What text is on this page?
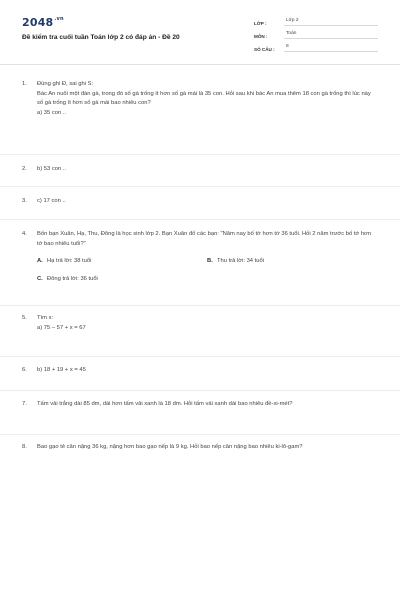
$2048^{.vn}$
Đề kiểm tra cuối tuần Toán lớp 2 có đáp án - Đề 20
LỚP :
Lớp 2
MÔN :
Toán
SỐ CÂU :
8
1. Đúng ghi Đ, sai ghi S:

Bác An nuôi một đàn gà, trong đó số gà trống ít hơn số gà mái là 35 con. Hỏi sau khi bác An mua thêm 18 con gà trống thì lúc này số gà trống ít hơn số gà mái bao nhiêu con?

a) 35 con ..

2. b) 53 con ..

3. c) 17 con ..

4. Bốn bạn Xuân, Hạ, Thu, Đông là học sinh lớp 2. Bạn Xuân đố các bạn: "Năm nay bố tớ hơn tớ 36 tuổi. Hỏi 2 năm trước bố tớ hơn tớ bao nhiêu tuổi?"

A. Hạ trả lời: 38 tuổi	B. Thu trả lời: 34 tuổi
C. Đông trả lời: 36 tuổi
5. Tìm x:

a) 75 – 57 + x = 67

6. b) 18 + 19 + x = 45

7. Tấm vải trắng dài 85 dm, dài hơn tấm vải xanh là 18 dm. Hỏi tấm vải xanh dài bao nhiêu đề-xi-mét?

8. Bao gạo tẻ cân nặng 36 kg, nặng hơn bao gạo nếp là 9 kg. Hỏi bao nếp cân nặng bao nhiêu ki-lô-gam?
